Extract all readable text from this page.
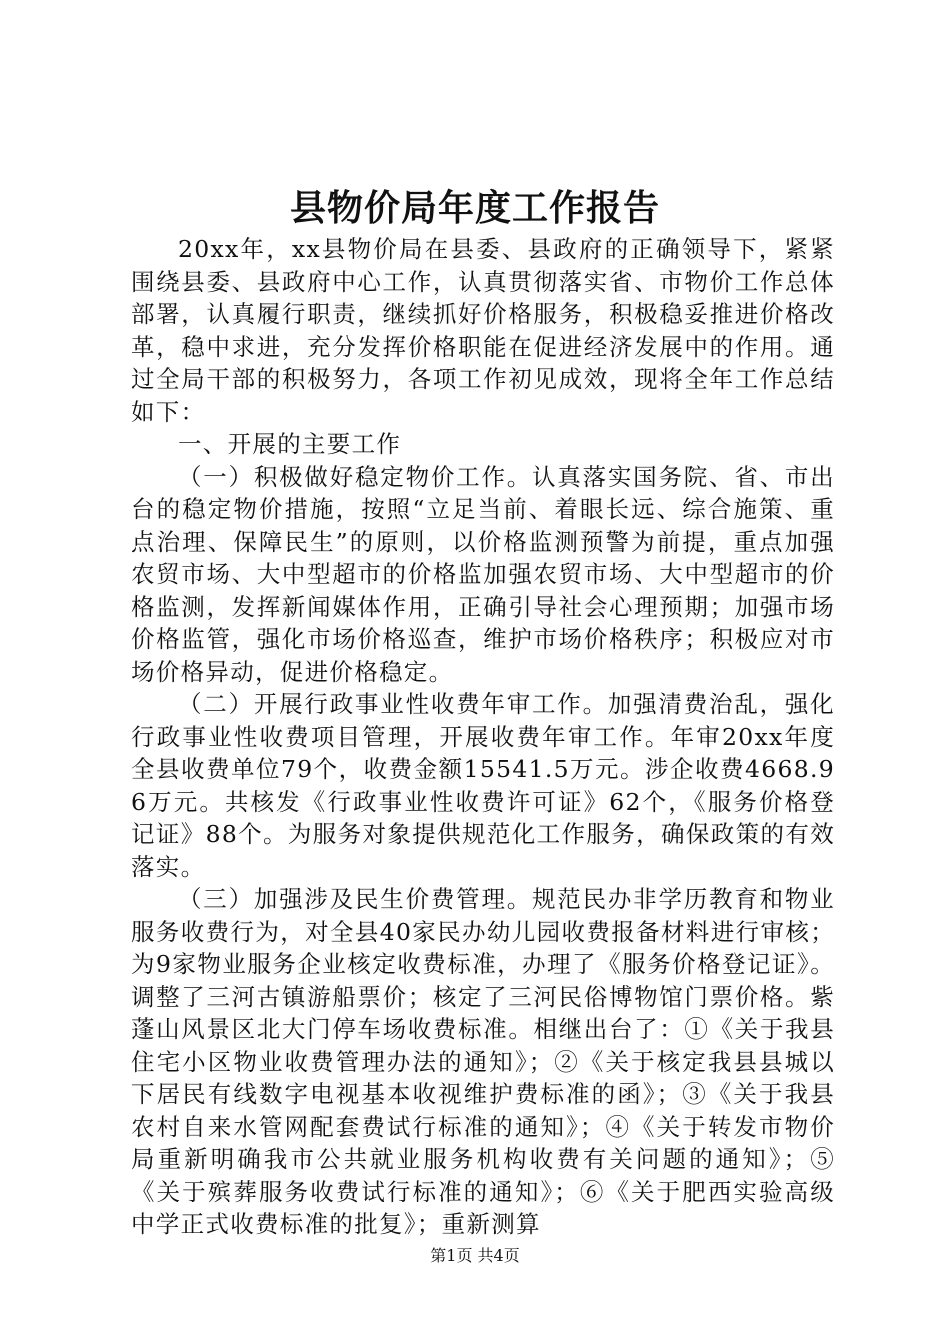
县物价局年度工作报告

20xx年，xx县物价局在县委、县政府的正确领导下，紧紧围绕县委、县政府中心工作，认真贯彻落实省、市物价工作总体部署，认真履行职责，继续抓好价格服务，积极稳妥推进价格改革，稳中求进，充分发挥价格职能在促进经济发展中的作用。通过全局干部的积极努力，各项工作初见成效，现将全年工作总结如下：

一、开展的主要工作

（一）积极做好稳定物价工作。认真落实国务院、省、市出台的稳定物价措施，按照“立足当前、着眼长远、综合施策、重点治理、保障民生”的原则，以价格监测预警为前提，重点加强农贸市场、大中型超市的价格监加强农贸市场、大中型超市的价格监测，发挥新闻媒体作用，正确引导社会心理预期；加强市场价格监管，强化市场价格巡查，维护市场价格秩序；积极应对市场价格异动，促进价格稳定。

（二）开展行政事业性收费年审工作。加强清费治乱，强化行政事业性收费项目管理，开展收费年审工作。年审20xx年度全县收费单位79个，收费金额15541.5万元。涉企收费4668.96万元。共核发《行政事业性收费许可证》62个，《服务价格登记证》88个。为服务对象提供规范化工作服务，确保政策的有效落实。

（三）加强涉及民生价费管理。规范民办非学历教育和物业服务收费行为，对全县40家民办幼儿园收费报备材料进行审核；为9家物业服务企业核定收费标准，办理了《服务价格登记证》。调整了三河古镇游船票价；核定了三河民俗博物馆门票价格。紫蓬山风景区北大门停车场收费标准。相继出台了：①《关于我县住宅小区物业收费管理办法的通知》；②《关于核定我县县城以下居民有线数字电视基本收视维护费标准的函》；③《关于我县农村自来水管网配套费试行标准的通知》；④《关于转发市物价局重新明确我市公共就业服务机构收费有关问题的通知》；⑤《关于殡葬服务收费试行标准的通知》；⑥《关于肥西实验高级中学正式收费标准的批复》；重新测算

第1页 共4页
